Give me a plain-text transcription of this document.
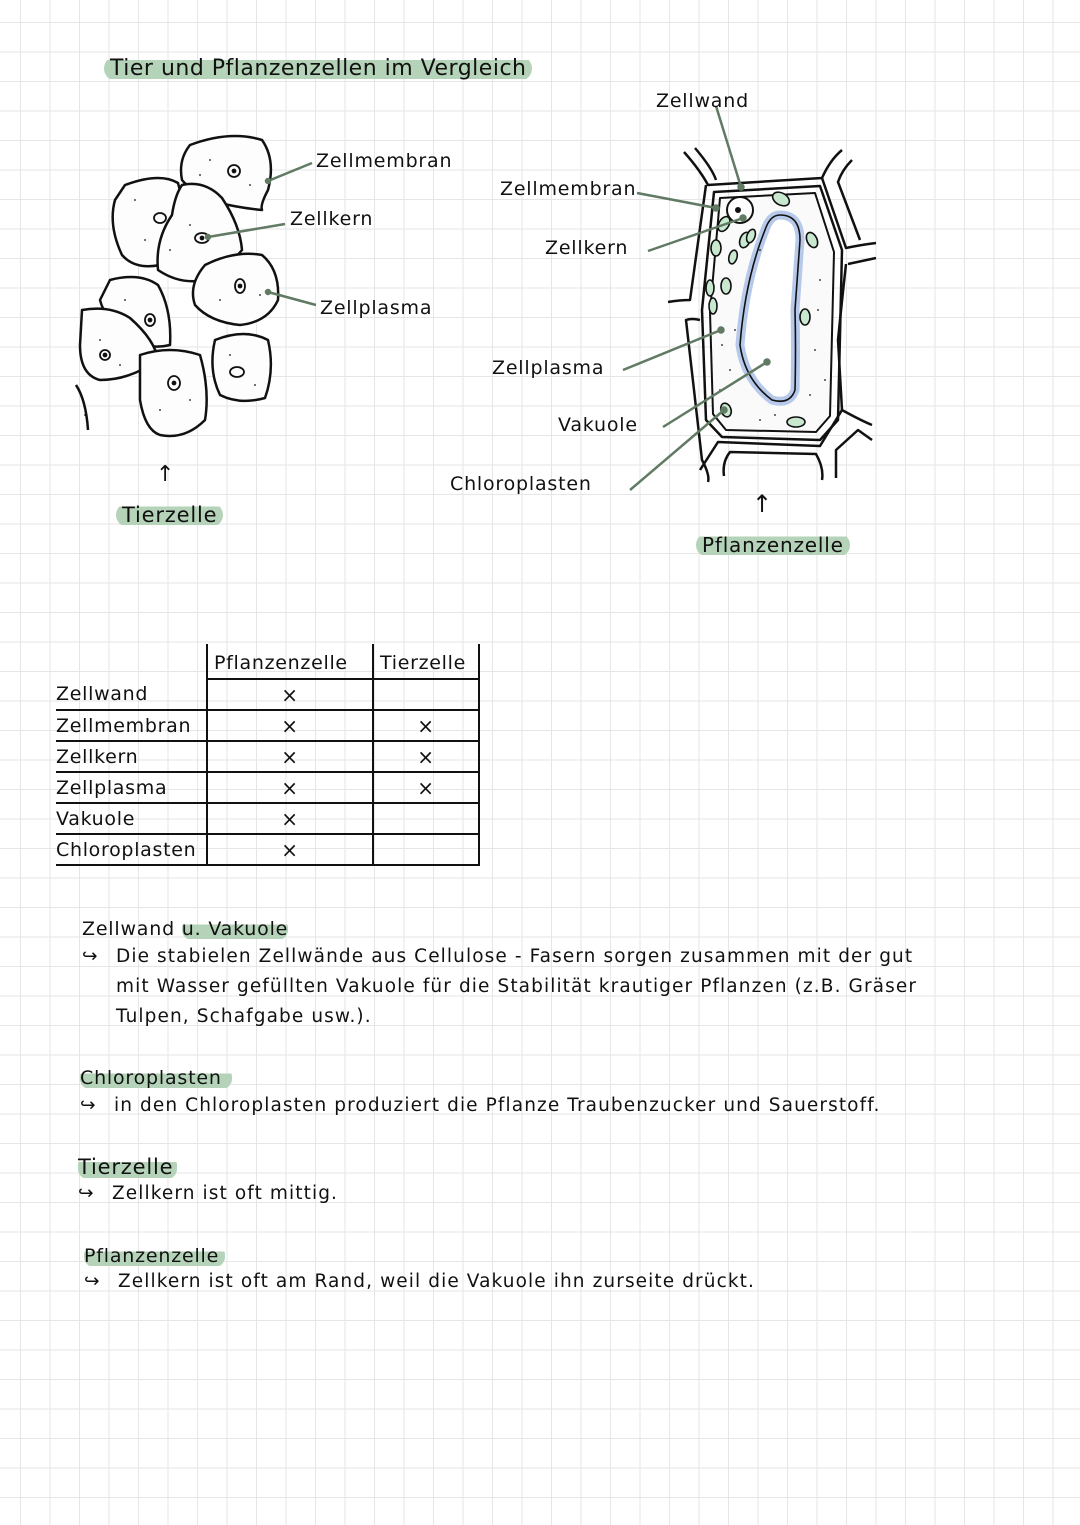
Tier und Pflanzenzellen im Vergleich
Zellmembran
Zellkern
Zellplasma
↑
Tierzelle
Zellwand
Zellmembran
Zellkern
Zellplasma
Vakuole
Chloroplasten
↑
Pflanzenzelle
	Pflanzenzelle	Tierzelle
Zellwand	×	
Zellmembran	×	×
Zellkern	×	×
Zellplasma	×	×
Vakuole	×	
Chloroplasten	×	
Zellwand u. Vakuole
↪ Die stabielen Zellwände aus Cellulose - Fasern sorgen zusammen mit der gut
mit Wasser gefüllten Vakuole für die Stabilität krautiger Pflanzen (z.B. Gräser
Tulpen, Schafgabe usw.).
Chloroplasten
↪ in den Chloroplasten produziert die Pflanze Traubenzucker und Sauerstoff.
Tierzelle
↪ Zellkern ist oft mittig.
Pflanzenzelle
↪ Zellkern ist oft am Rand, weil die Vakuole ihn zurseite drückt.
